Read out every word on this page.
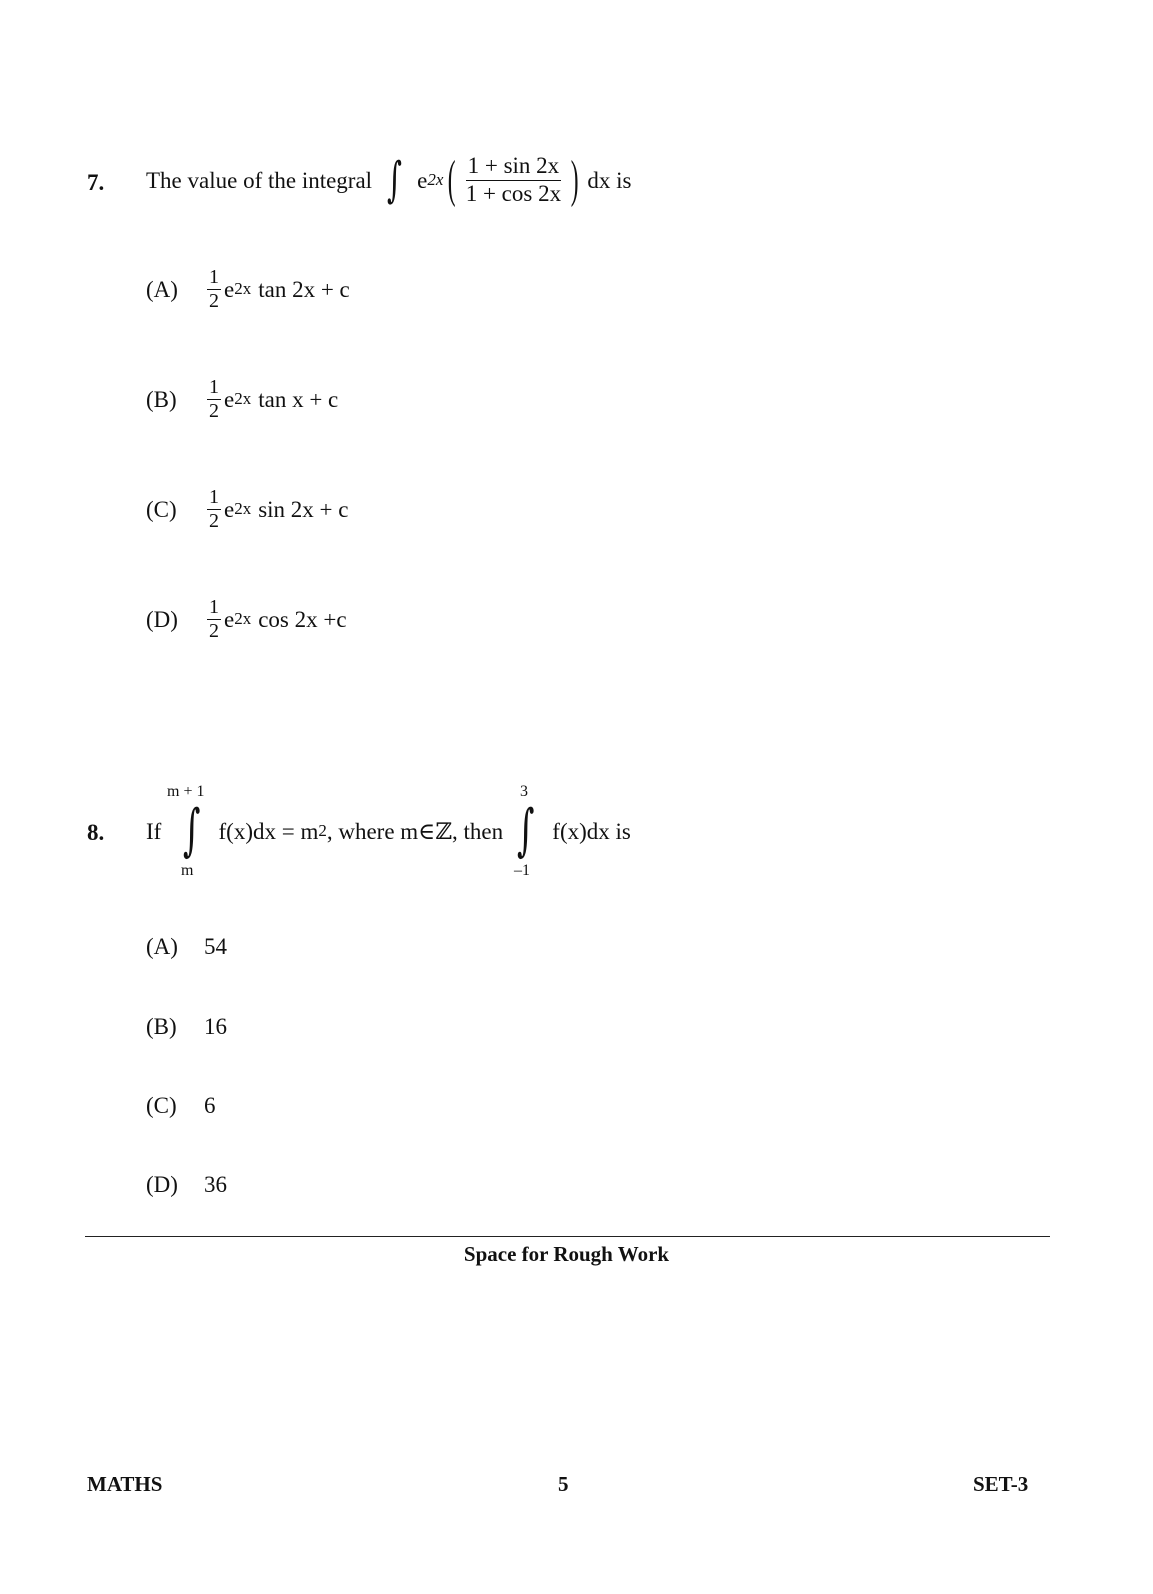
7. The value of the integral ∫ e 2x ( $\frac{1 + \sin 2x}{1 + \cos 2x}$ ) dx is
(A)	$\frac{1}{2}$ e 2x tan 2x + c
(B)	$\frac{1}{2}$ e 2x tan x + c
(C)	$\frac{1}{2}$ e 2x sin 2x + c
(D)	$\frac{1}{2}$ e 2x cos 2x +c
8.
m + 1
m
3
–1
If ∫ f(x)dx = m 2 , where m∈ℤ, then ∫ f(x)dx is
(A)	54
(B)	16
(C)	6
(D)	36
Space for Rough Work
MATHS	5	SET-3
